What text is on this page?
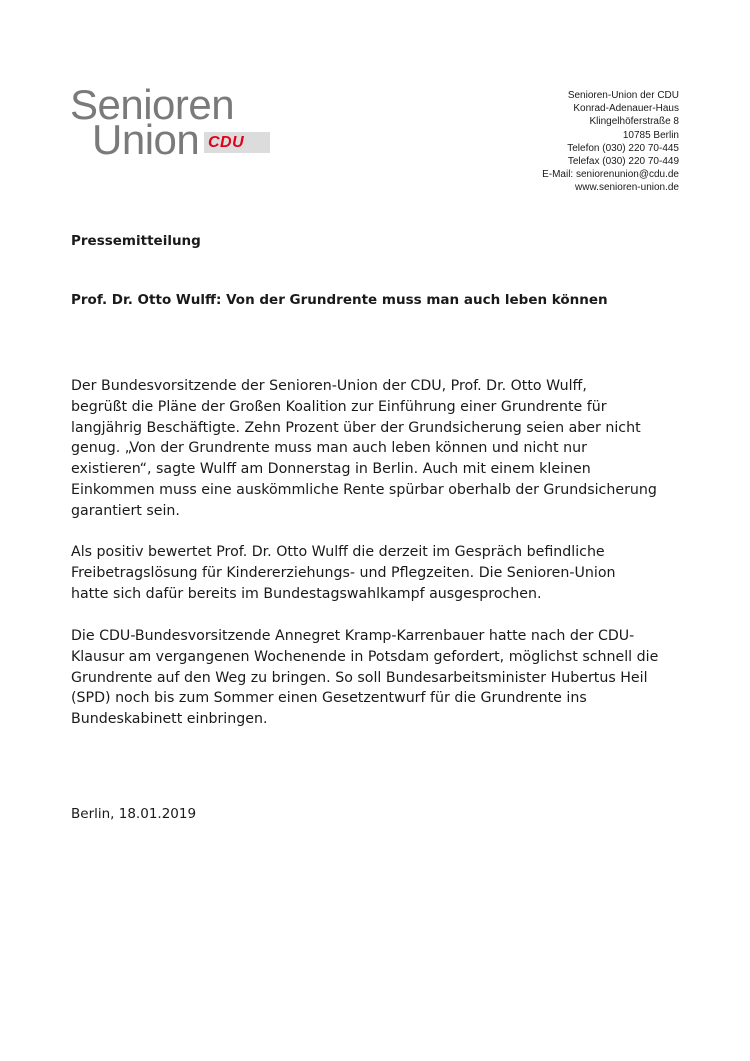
Senioren
Union CDU
Senioren-Union der CDU
Konrad-Adenauer-Haus
Klingelhöferstraße 8
10785 Berlin
Telefon (030) 220 70-445
Telefax (030) 220 70-449
E-Mail: seniorenunion@cdu.de
www.senioren-union.de
Pressemitteilung
Prof. Dr. Otto Wulff: Von der Grundrente muss man auch leben können

Der Bundesvorsitzende der Senioren-Union der CDU, Prof. Dr. Otto Wulff,
begrüßt die Pläne der Großen Koalition zur Einführung einer Grundrente für
langjährig Beschäftigte. Zehn Prozent über der Grundsicherung seien aber nicht
genug. „Von der Grundrente muss man auch leben können und nicht nur
existieren“, sagte Wulff am Donnerstag in Berlin. Auch mit einem kleinen
Einkommen muss eine auskömmliche Rente spürbar oberhalb der Grundsicherung
garantiert sein.

Als positiv bewertet Prof. Dr. Otto Wulff die derzeit im Gespräch befindliche
Freibetragslösung für Kindererziehungs- und Pflegzeiten. Die Senioren-Union
hatte sich dafür bereits im Bundestagswahlkampf ausgesprochen.

Die CDU-Bundesvorsitzende Annegret Kramp-Karrenbauer hatte nach der CDU-
Klausur am vergangenen Wochenende in Potsdam gefordert, möglichst schnell die
Grundrente auf den Weg zu bringen. So soll Bundesarbeitsminister Hubertus Heil
(SPD) noch bis zum Sommer einen Gesetzentwurf für die Grundrente ins
Bundeskabinett einbringen.

Berlin, 18.01.2019
